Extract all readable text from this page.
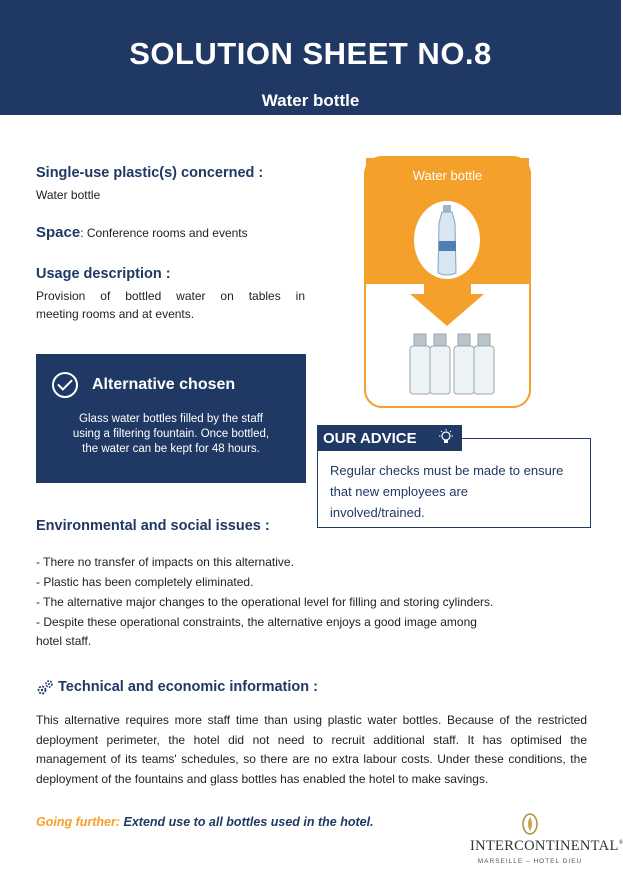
SOLUTION SHEET NO.8
Water bottle
Single-use plastic(s) concerned :
Water bottle
Space: Conference rooms and events
Usage description :
Provision of bottled water on tables in
meeting rooms and at events.
Alternative chosen
Glass water bottles filled by the staff
using a filtering fountain. Once bottled,
the water can be kept for 48 hours.
Water bottle
OUR ADVICE
Regular checks must be made to ensure
that new employees are
involved/trained.
Environmental and social issues :
- There no transfer of impacts on this alternative.
- Plastic has been completely eliminated.
- The alternative major changes to the operational level for filling and storing cylinders.
- Despite these operational constraints, the alternative enjoys a good image among
hotel staff.
Technical and economic information :
This alternative requires more staff time than using plastic water bottles. Because of the restricted deployment perimeter, the hotel did not need to recruit additional staff. It has optimised the management of its teams' schedules, so there are no extra labour costs. Under these conditions, the deployment of the fountains and glass bottles has enabled the hotel to make savings.
Going further: Extend use to all bottles used in the hotel.
INTERCONTINENTAL®
MARSEILLE – HOTEL DIEU
